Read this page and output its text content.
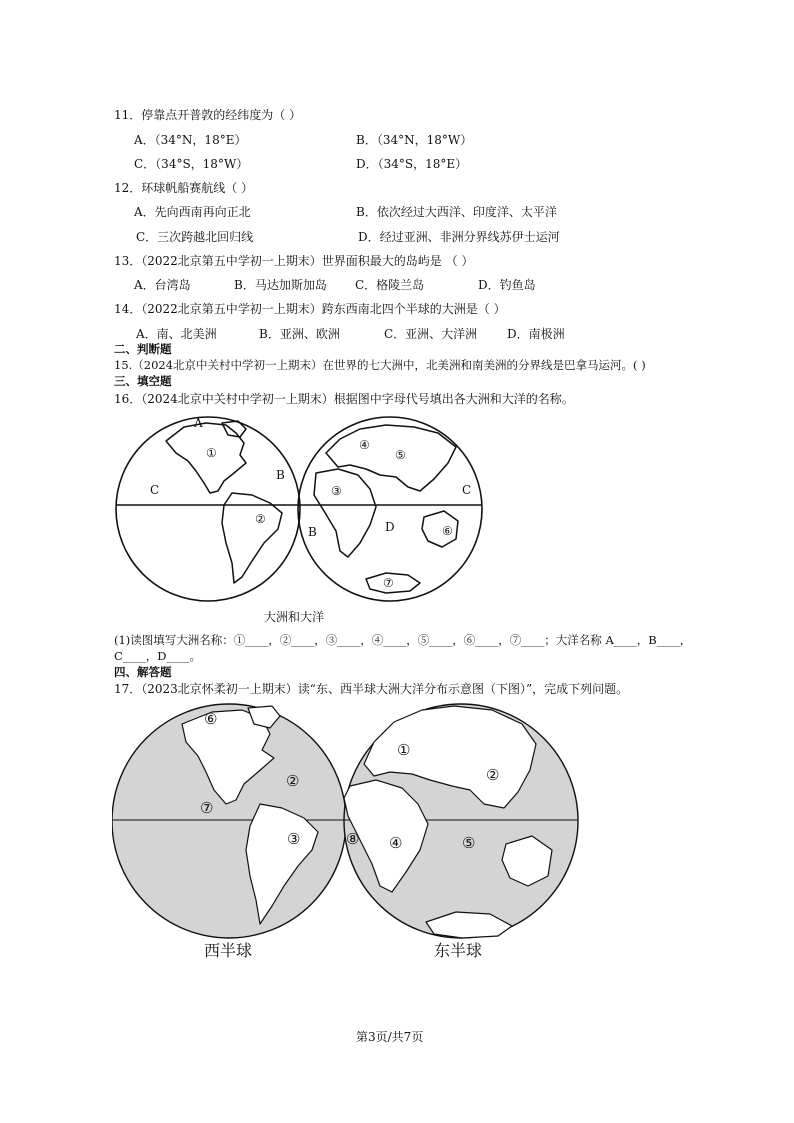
11．停靠点开普敦的经纬度为（ ）
A．（34°N，18°E）	B．（34°N，18°W）
C．（34°S，18°W）	D．（34°S，18°E）
12．环球帆船赛航线（ ）
A．先向西南再向正北	B．依次经过大西洋、印度洋、太平洋
C．三次跨越北回归线	D．经过亚洲、非洲分界线苏伊士运河
13．（2022北京第五中学初一上期末）世界面积最大的岛屿是 （ ）
A．台湾岛	B．马达加斯加岛 C．格陵兰岛	D．钓鱼岛
14．（2022北京第五中学初一上期末）跨东西南北四个半球的大洲是（ ）
A．南、北美洲	B．亚洲、欧洲	C．亚洲、大洋洲 D．南极洲
二、判断题
15.（2024北京中关村中学初一上期末）在世界的七大洲中，北美洲和南美洲的分界线是巴拿马运河。( )
三、填空题
16．（2024北京中关村中学初一上期末）根据图中字母代号填出各大洲和大洋的名称。
A
①
B
C
②
④
⑤
③	C
B	D	⑥
⑦
大洲和大洋
(1)读图填写大洲名称：①____，②____，③____，④____，⑤____，⑥____，⑦____；大洋名称 A____，B____，
C____，D____。
四、解答题
17．（2023北京怀柔初一上期末）读“东、西半球大洲大洋分布示意图（下图）”，完成下列问题。
⑥
②
⑦
③
①
②
⑧ ④	⑤
西半球	东半球
第3页/共7页
